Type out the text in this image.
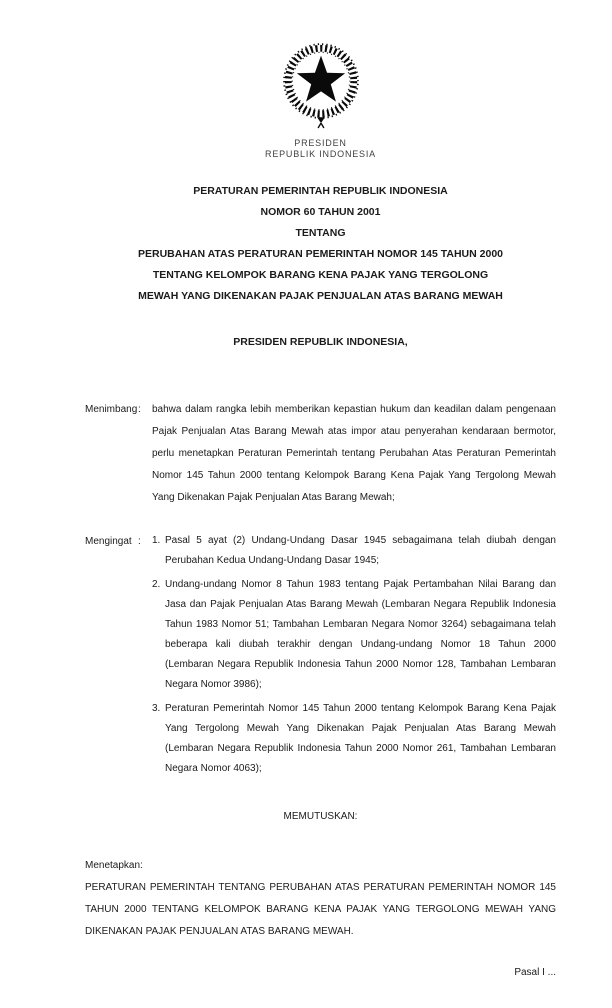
PRESIDEN
REPUBLIK INDONESIA
PERATURAN PEMERINTAH REPUBLIK INDONESIA
NOMOR 60 TAHUN 2001
TENTANG
PERUBAHAN ATAS PERATURAN PEMERINTAH NOMOR 145 TAHUN 2000
TENTANG KELOMPOK BARANG KENA PAJAK YANG TERGOLONG
MEWAH YANG DIKENAKAN PAJAK PENJUALAN ATAS BARANG MEWAH
PRESIDEN REPUBLIK INDONESIA,
Menimbang :	bahwa dalam rangka lebih memberikan kepastian hukum dan keadilan dalam pengenaan Pajak Penjualan Atas Barang Mewah atas impor atau penyerahan kendaraan bermotor, perlu menetapkan Peraturan Pemerintah tentang Perubahan Atas Peraturan Pemerintah Nomor 145 Tahun 2000 tentang Kelompok Barang Kena Pajak Yang Tergolong Mewah Yang Dikenakan Pajak Penjualan Atas Barang Mewah;
Mengingat :	1. Pasal 5 ayat (2) Undang-Undang Dasar 1945 sebagaimana telah diubah dengan Perubahan Kedua Undang-Undang Dasar 1945;
2. Undang-undang Nomor 8 Tahun 1983 tentang Pajak Pertambahan Nilai Barang dan Jasa dan Pajak Penjualan Atas Barang Mewah (Lembaran Negara Republik Indonesia Tahun 1983 Nomor 51; Tambahan Lembaran Negara Nomor 3264) sebagaimana telah beberapa kali diubah terakhir dengan Undang-undang Nomor 18 Tahun 2000 (Lembaran Negara Republik Indonesia Tahun 2000 Nomor 128, Tambahan Lembaran Negara Nomor 3986);
3. Peraturan Pemerintah Nomor 145 Tahun 2000 tentang Kelompok Barang Kena Pajak Yang Tergolong Mewah Yang Dikenakan Pajak Penjualan Atas Barang Mewah (Lembaran Negara Republik Indonesia Tahun 2000 Nomor 261, Tambahan Lembaran Negara Nomor 4063);
MEMUTUSKAN:
Menetapkan:
PERATURAN PEMERINTAH TENTANG PERUBAHAN ATAS PERATURAN PEMERINTAH NOMOR 145 TAHUN 2000 TENTANG KELOMPOK BARANG KENA PAJAK YANG TERGOLONG MEWAH YANG DIKENAKAN PAJAK PENJUALAN ATAS BARANG MEWAH.
Pasal I ...
